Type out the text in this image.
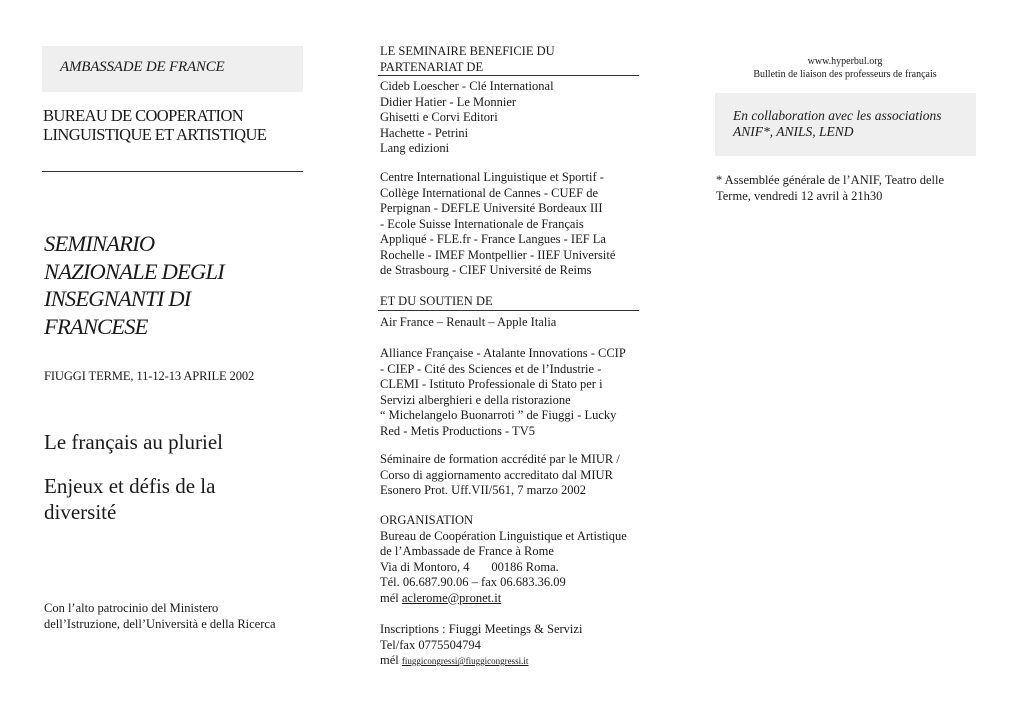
AMBASSADE DE FRANCE
BUREAU DE COOPERATION
LINGUISTIQUE ET ARTISTIQUE
SEMINARIO
NAZIONALE DEGLI
INSEGNANTI DI
FRANCESE
FIUGGI TERME, 11-12-13 APRILE 2002
Le français au pluriel
Enjeux et défis de la
diversité
Con l’alto patrocinio del Ministero
dell’Istruzione, dell’Università e della Ricerca
LE SEMINAIRE BENEFICIE DU
PARTENARIAT DE
Cideb Loescher - Clé International
Didier Hatier - Le Monnier
Ghisetti e Corvi Editori
Hachette - Petrini
Lang edizioni
Centre International Linguistique et Sportif -
Collège International de Cannes - CUEF de
Perpignan - DEFLE Université Bordeaux III
- Ecole Suisse Internationale de Français
Appliqué - FLE.fr - France Langues - IEF La
Rochelle - IMEF Montpellier - IIEF Université
de Strasbourg - CIEF Université de Reims
ET DU SOUTIEN DE
Air France – Renault – Apple Italia
Alliance Française - Atalante Innovations - CCIP
- CIEP - Cité des Sciences et de l’Industrie -
CLEMI - Istituto Professionale di Stato per i
Servizi alberghieri e della ristorazione
“ Michelangelo Buonarroti ” de Fiuggi - Lucky
Red - Metis Productions - TV5
Séminaire de formation accrédité par le MIUR /
Corso di aggiornamento accreditato dal MIUR
Esonero Prot. Uff.VII/561, 7 marzo 2002
ORGANISATION
Bureau de Coopération Linguistique et Artistique
de l’Ambassade de France à Rome
Via di Montoro, 4       00186 Roma.
Tél. 06.687.90.06 – fax 06.683.36.09
mél aclerome@pronet.it
Inscriptions : Fiuggi Meetings & Servizi
Tel/fax 0775504794
mél fiuggicongressi@fiuggicongressi.it
www.hyperbul.org
Bulletin de liaison des professeurs de français
En collaboration avec les associations
ANIF*, ANILS, LEND
* Assemblée générale de l’ANIF, Teatro delle
Terme, vendredi 12 avril à 21h30
